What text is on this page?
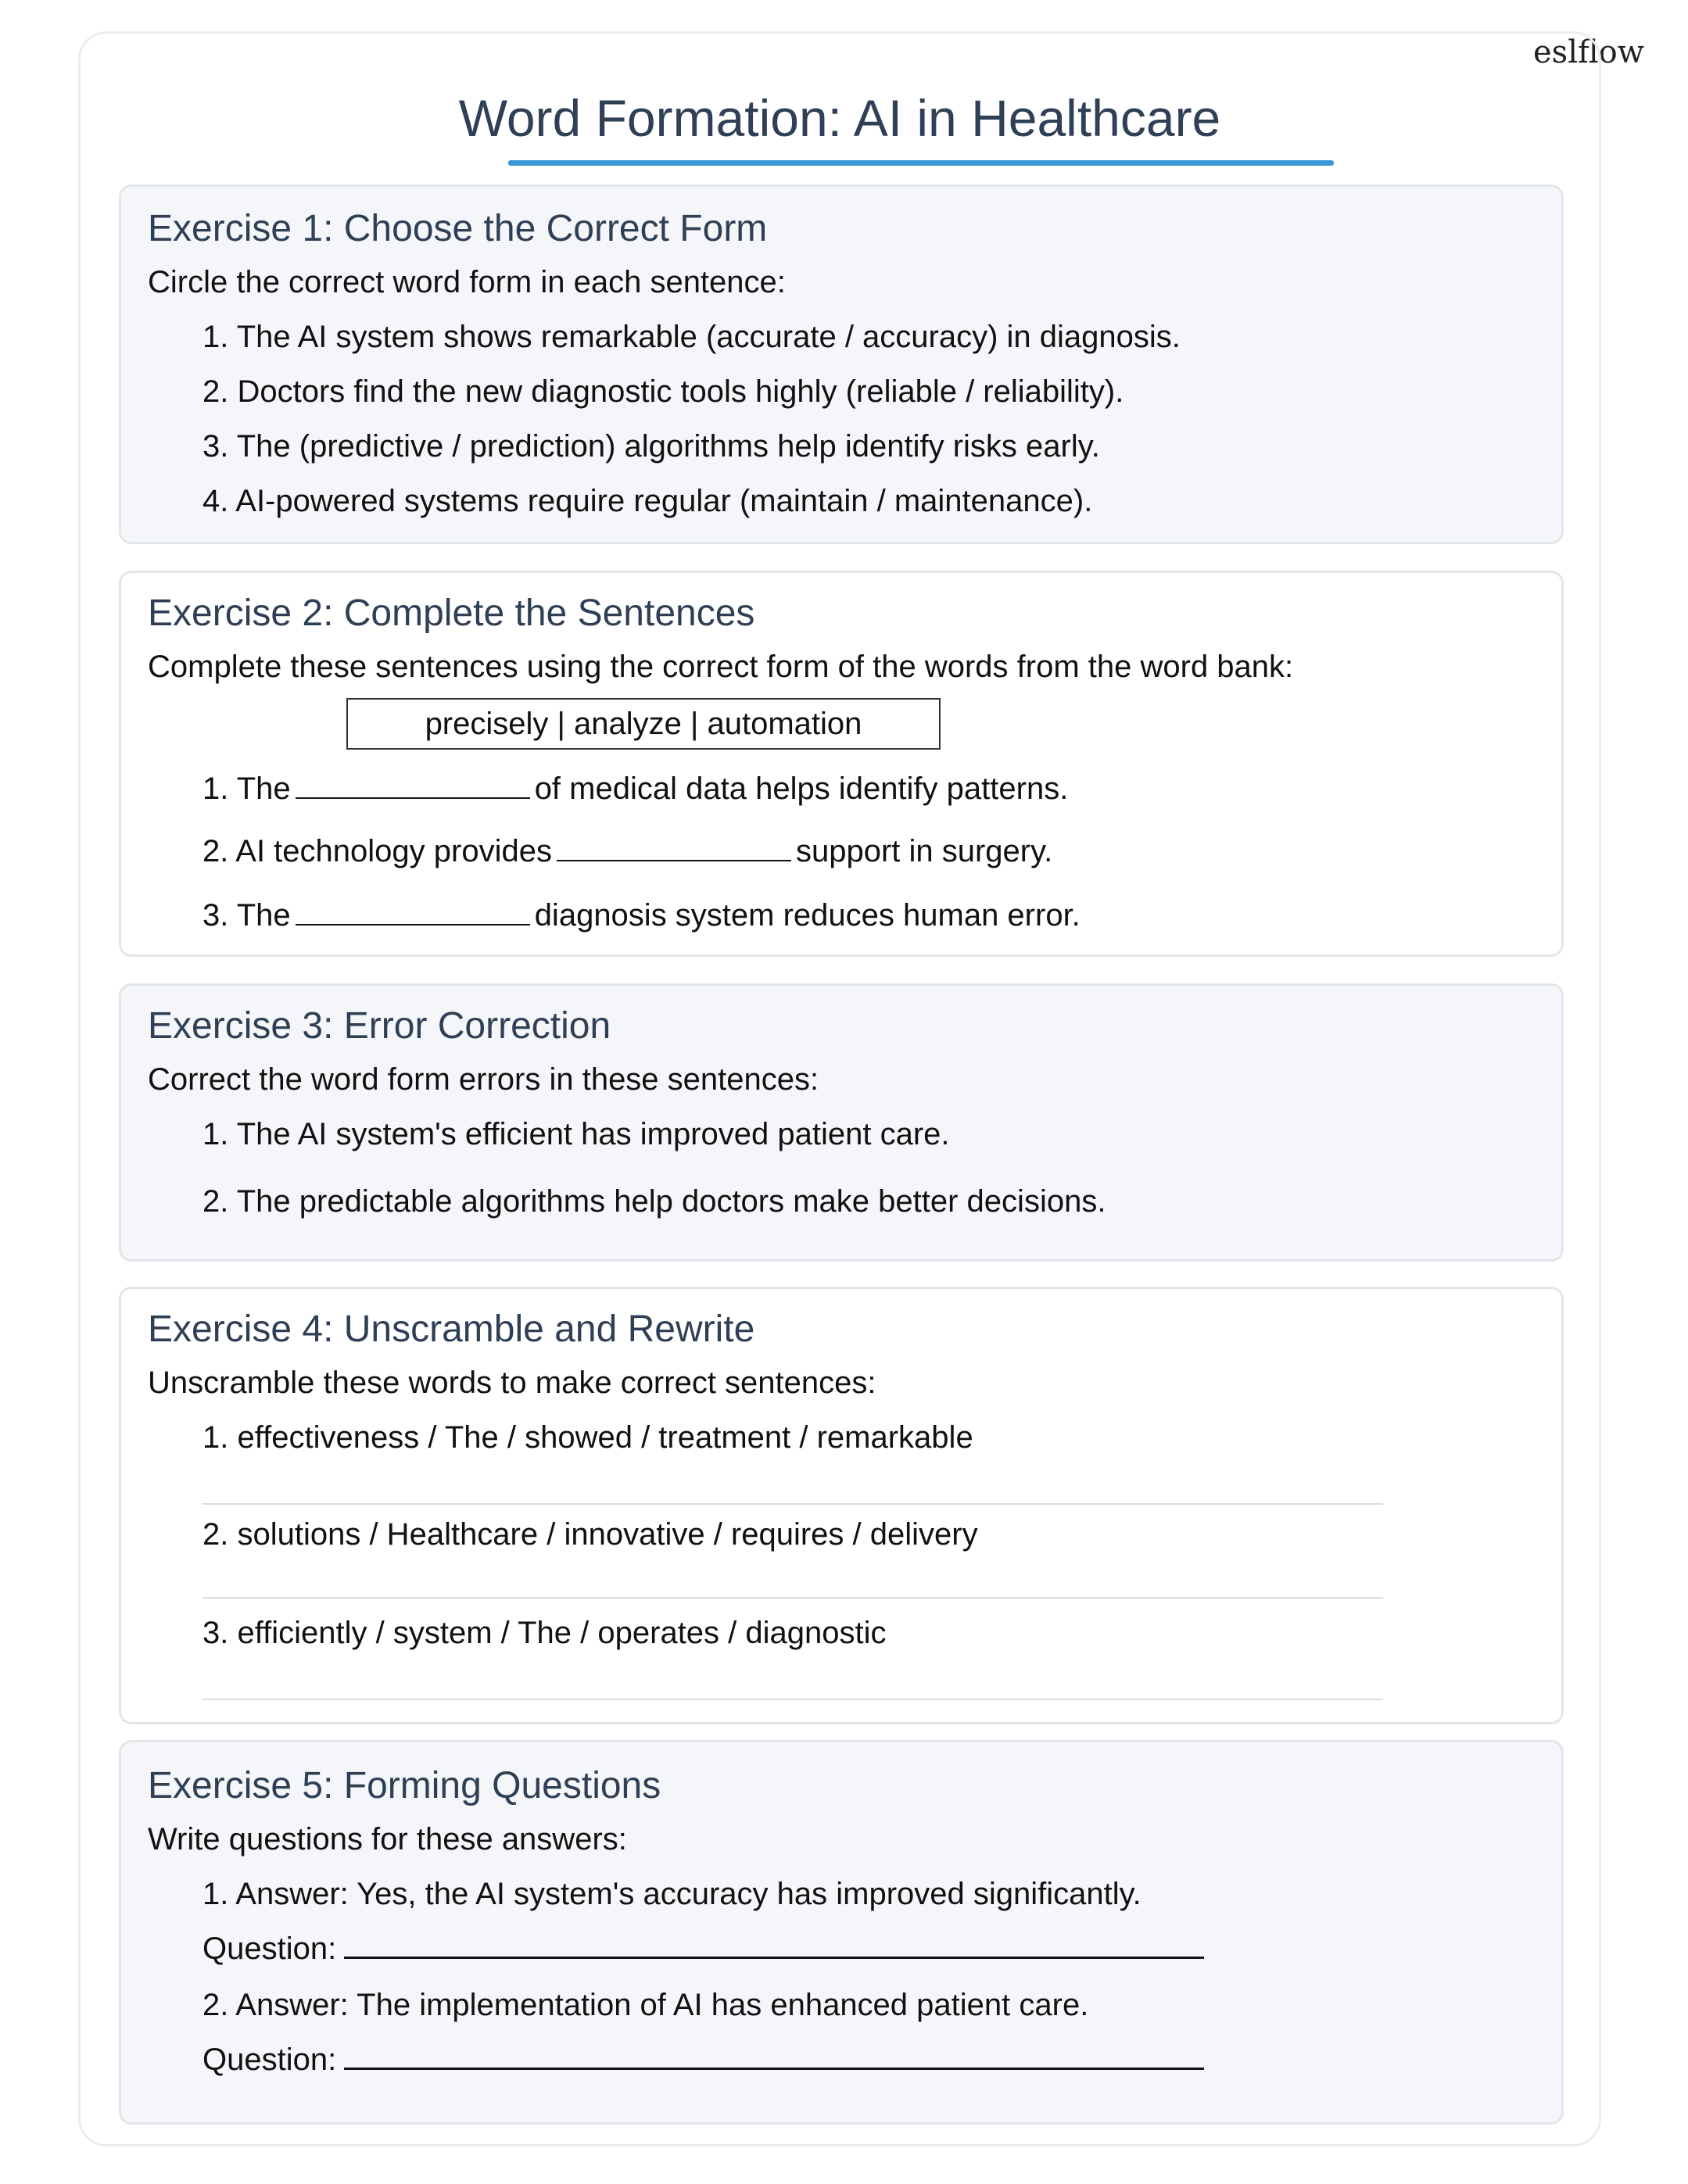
eslflow
Word Formation: AI in Healthcare
Exercise 1: Choose the Correct Form
Circle the correct word form in each sentence:
1. The AI system shows remarkable (accurate / accuracy) in diagnosis.
2. Doctors find the new diagnostic tools highly (reliable / reliability).
3. The (predictive / prediction) algorithms help identify risks early.
4. AI-powered systems require regular (maintain / maintenance).
Exercise 2: Complete the Sentences
Complete these sentences using the correct form of the words from the word bank:
precisely | analyze | automation
1. The	of medical data helps identify patterns.
2. AI technology provides	support in surgery.
3. The	diagnosis system reduces human error.
Exercise 3: Error Correction
Correct the word form errors in these sentences:
1. The AI system's efficient has improved patient care.
2. The predictable algorithms help doctors make better decisions.
Exercise 4: Unscramble and Rewrite
Unscramble these words to make correct sentences:
1. effectiveness / The / showed / treatment / remarkable
2. solutions / Healthcare / innovative / requires / delivery
3. efficiently / system / The / operates / diagnostic
Exercise 5: Forming Questions
Write questions for these answers:
1. Answer: Yes, the AI system's accuracy has improved significantly.
Question:
2. Answer: The implementation of AI has enhanced patient care.
Question:
